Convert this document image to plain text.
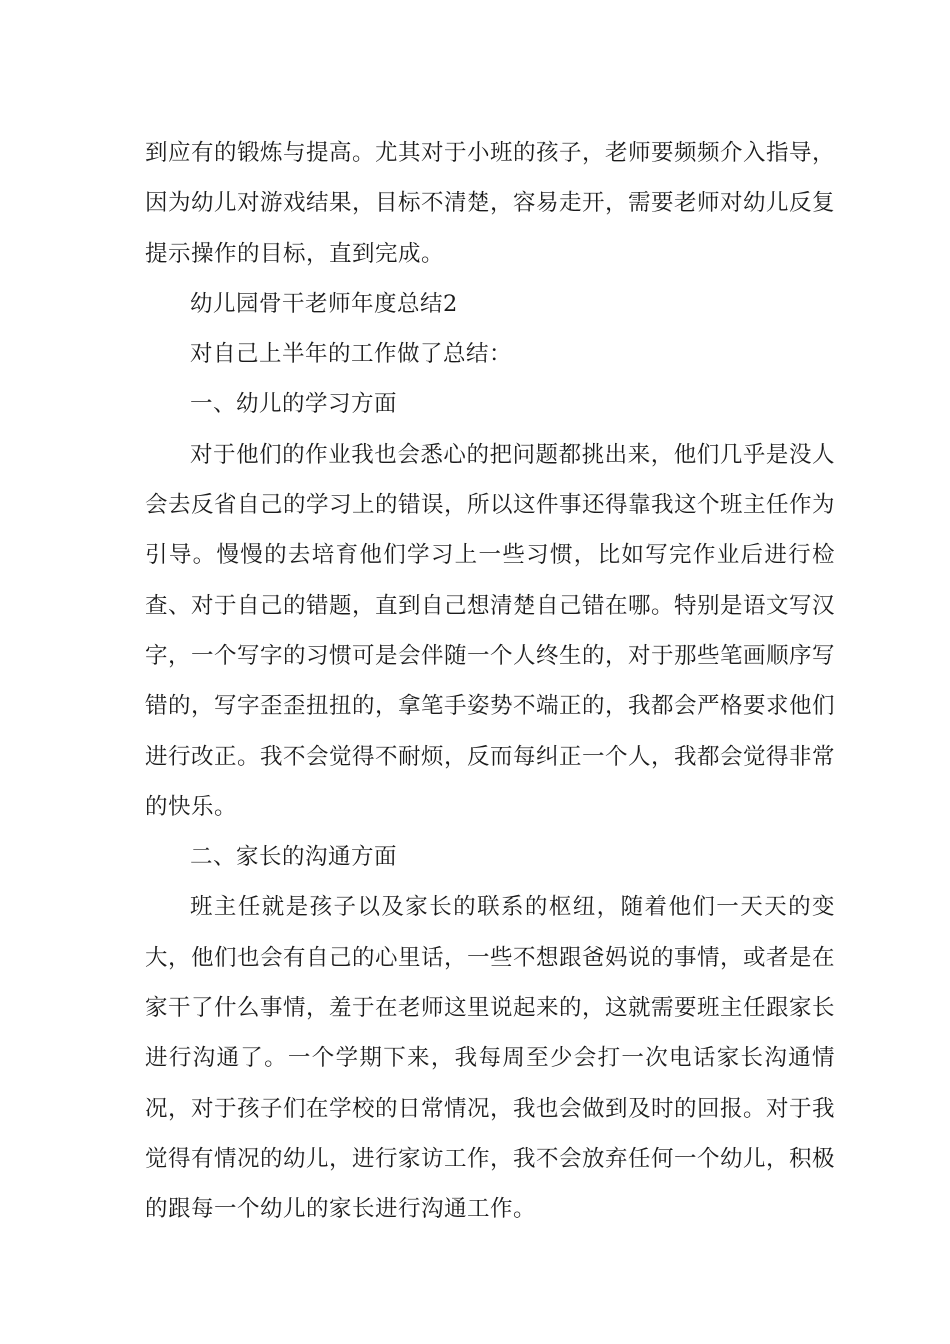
到应有的锻炼与提高。尤其对于小班的孩子，老师要频频介入指导，因为幼儿对游戏结果，目标不清楚，容易走开，需要老师对幼儿反复提示操作的目标，直到完成。

幼儿园骨干老师年度总结2

对自己上半年的工作做了总结：

一、幼儿的学习方面

对于他们的作业我也会悉心的把问题都挑出来，他们几乎是没人会去反省自己的学习上的错误，所以这件事还得靠我这个班主任作为引导。慢慢的去培育他们学习上一些习惯，比如写完作业后进行检查、对于自己的错题，直到自己想清楚自己错在哪。特别是语文写汉字，一个写字的习惯可是会伴随一个人终生的，对于那些笔画顺序写错的，写字歪歪扭扭的，拿笔手姿势不端正的，我都会严格要求他们进行改正。我不会觉得不耐烦，反而每纠正一个人，我都会觉得非常的快乐。

二、家长的沟通方面

班主任就是孩子以及家长的联系的枢纽，随着他们一天天的变大，他们也会有自己的心里话，一些不想跟爸妈说的事情，或者是在家干了什么事情，羞于在老师这里说起来的，这就需要班主任跟家长进行沟通了。一个学期下来，我每周至少会打一次电话家长沟通情况，对于孩子们在学校的日常情况，我也会做到及时的回报。对于我觉得有情况的幼儿，进行家访工作，我不会放弃任何一个幼儿，积极的跟每一个幼儿的家长进行沟通工作。
